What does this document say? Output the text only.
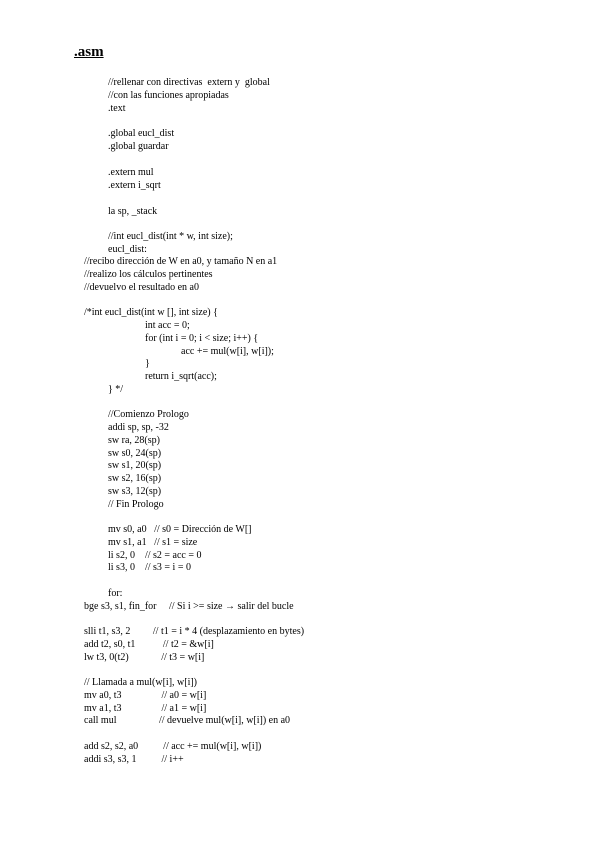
.asm
//rellenar con directivas  extern y  global
//con las funciones apropiadas
.text
.global eucl_dist
.global guardar
.extern mul
.extern i_sqrt
la sp, _stack
//int eucl_dist(int * w, int size);
eucl_dist:
//recibo dirección de W en a0, y tamaño N en a1
//realizo los cálculos pertinentes
//devuelvo el resultado en a0
/*int eucl_dist(int w [], int size) {
int acc = 0;
for (int i = 0; i < size; i++) {
acc += mul(w[i], w[i]);
}
return i_sqrt(acc);
} */
//Comienzo Prologo
addi sp, sp, -32
sw ra, 28(sp)
sw s0, 24(sp)
sw s1, 20(sp)
sw s2, 16(sp)
sw s3, 12(sp)
// Fin Prologo
mv s0, a0   // s0 = Dirección de W[]
mv s1, a1   // s1 = size
li s2, 0    // s2 = acc = 0
li s3, 0    // s3 = i = 0
for:
bge s3, s1, fin_for     // Si i >= size → salir del bucle
slli t1, s3, 2         // t1 = i * 4 (desplazamiento en bytes)
add t2, s0, t1           // t2 = &w[i]
lw t3, 0(t2)             // t3 = w[i]
// Llamada a mul(w[i], w[i])
mv a0, t3                // a0 = w[i]
mv a1, t3                // a1 = w[i]
call mul                 // devuelve mul(w[i], w[i]) en a0
add s2, s2, a0          // acc += mul(w[i], w[i])
addi s3, s3, 1          // i++
